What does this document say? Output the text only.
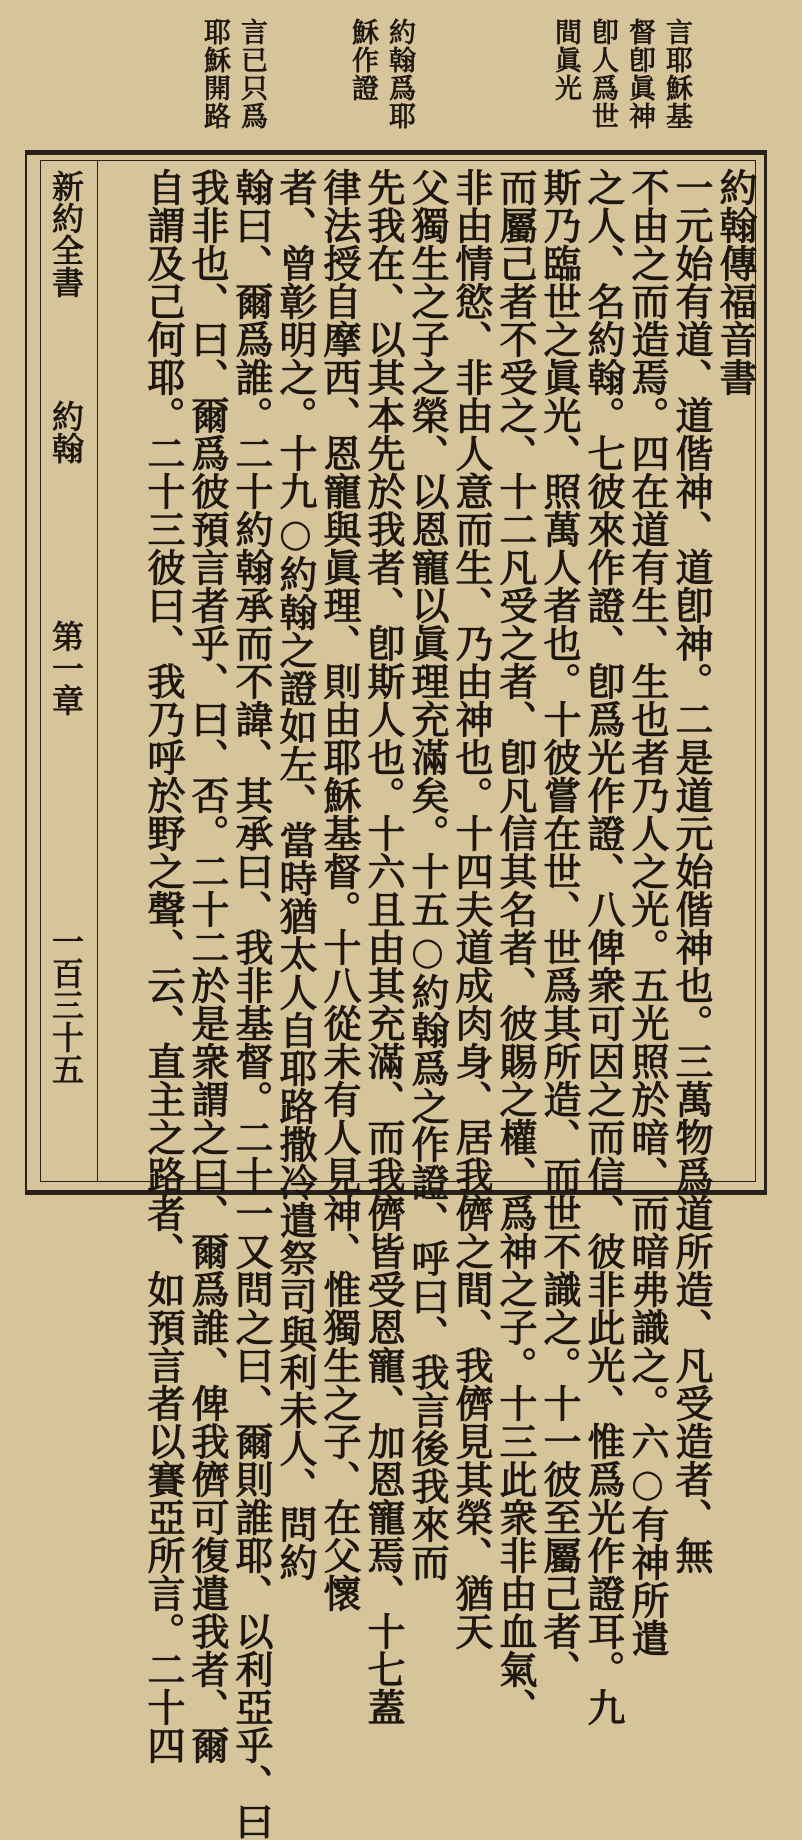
言耶穌基
督卽眞神
卽人爲世
間眞光
約翰爲耶
穌作證
言已只爲
耶穌開路
約翰傳福音書
一元始有道、道偕神、道卽神。二是道元始偕神也。三萬物爲道所造、凡受造者、無
不由之而造焉。四在道有生、生也者乃人之光。五光照於暗、而暗弗識之。六○有神所遣
之人、名約翰。七彼來作證、卽爲光作證、八俾衆可因之而信、彼非此光、惟爲光作證耳。九
斯乃臨世之眞光、照萬人者也。十彼嘗在世、世爲其所造、而世不識之。十一彼至屬己者、
而屬己者不受之、十二凡受之者、卽凡信其名者、彼賜之權、爲神之子。十三此衆非由血氣、
非由情慾、非由人意而生、乃由神也。十四夫道成肉身、居我儕之間、我儕見其榮、猶天
父獨生之子之榮、以恩寵以眞理充滿矣。十五○約翰爲之作證、呼曰、我言後我來而
先我在、以其本先於我者、卽斯人也。十六且由其充滿、而我儕皆受恩寵、加恩寵焉、十七蓋
律法授自摩西、恩寵與眞理、則由耶穌基督。十八從未有人見神、惟獨生之子、在父懷
者、曾彰明之。十九○約翰之證如左、當時猶太人自耶路撒冷遣祭司與利未人、問約
翰曰、爾爲誰。二十約翰承而不諱、其承曰、我非基督。二十一又問之曰、爾則誰耶、以利亞乎、曰
我非也、曰、爾爲彼預言者乎、曰、否。二十二於是衆謂之曰、爾爲誰、俾我儕可復遣我者、爾
自謂及己何耶。二十三彼曰、我乃呼於野之聲、云、直主之路者、如預言者以賽亞所言。二十四
新約全書
約翰
第一章
一百三十五
